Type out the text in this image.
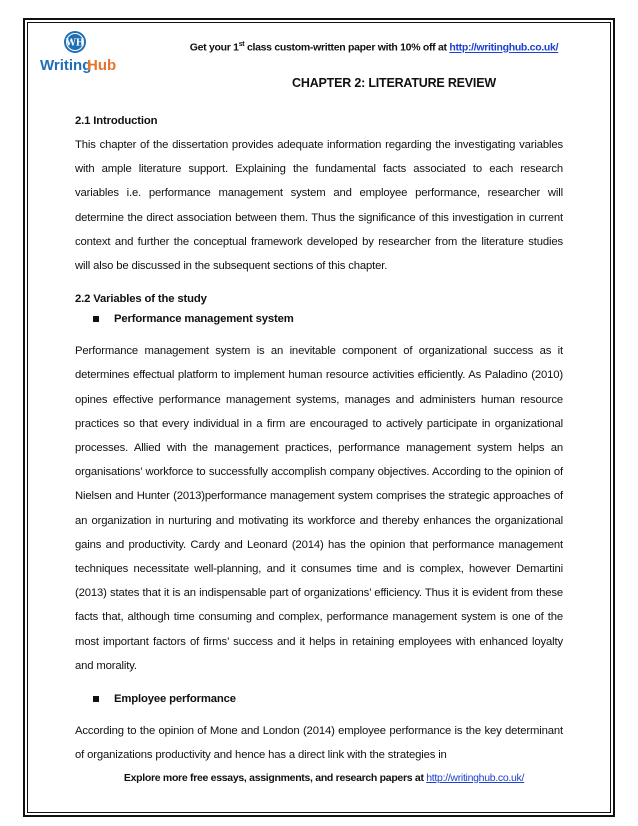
WH
Writing
Hub
Get your 1st class custom-written paper with 10% off at http://writinghub.co.uk/
CHAPTER 2: LITERATURE REVIEW
2.1 Introduction

This chapter of the dissertation provides adequate information regarding the investigating variables with ample literature support. Explaining the fundamental facts associated to each research variables i.e. performance management system and employee performance, researcher will determine the direct association between them. Thus the significance of this investigation in current context and further the conceptual framework developed by researcher from the literature studies will also be discussed in the subsequent sections of this chapter.

2.2 Variables of the study
Performance management system

Performance management system is an inevitable component of organizational success as it determines effectual platform to implement human resource activities efficiently. As Paladino (2010) opines effective performance management systems, manages and administers human resource practices so that every individual in a firm are encouraged to actively participate in organizational processes. Allied with the management practices, performance management system helps an organisations’ workforce to successfully accomplish company objectives. According to the opinion of Nielsen and Hunter (2013)performance management system comprises the strategic approaches of an organization in nurturing and motivating its workforce and thereby enhances the organizational gains and productivity. Cardy and Leonard (2014) has the opinion that performance management techniques necessitate well-planning, and it consumes time and is complex, however Demartini (2013) states that it is an indispensable part of organizations’ efficiency. Thus it is evident from these facts that, although time consuming and complex, performance management system is one of the most important factors of firms’ success and it helps in retaining employees with enhanced loyalty and morality.

Employee performance

According to the opinion of Mone and London (2014) employee performance is the key determinant of organizations productivity and hence has a direct link with the strategies in

Explore more free essays, assignments, and research papers at http://writinghub.co.uk/
